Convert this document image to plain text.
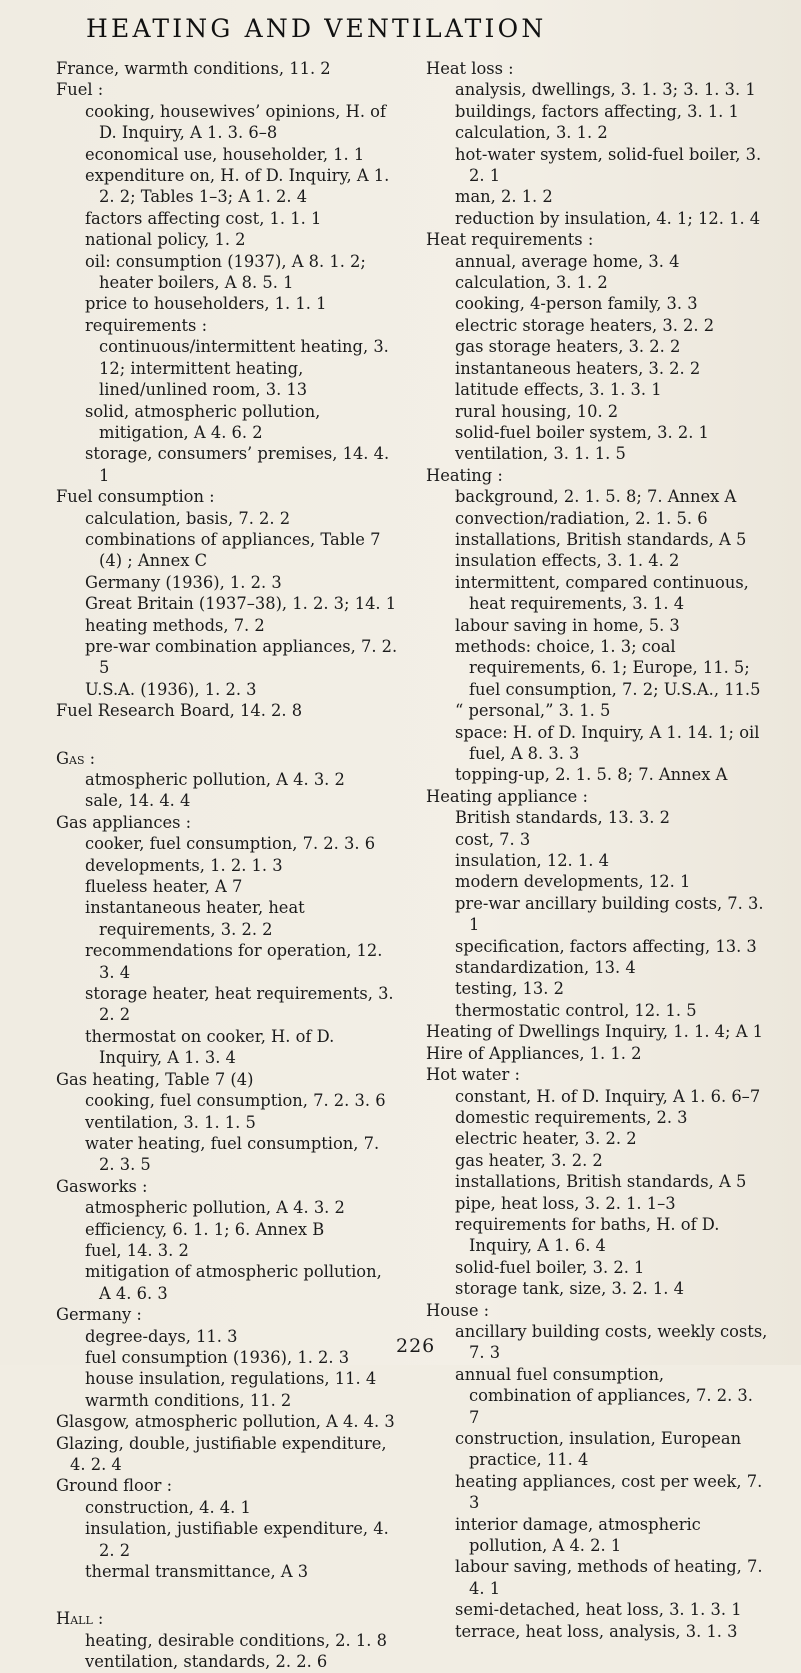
HEATING AND VENTILATION
France, warmth conditions, 11. 2
Fuel :
cooking, housewives’ opinions, H. of D. Inquiry, A 1. 3. 6–8
economical use, householder, 1. 1
expenditure on, H. of D. Inquiry, A 1. 2. 2; Tables 1–3; A 1. 2. 4
factors affecting cost, 1. 1. 1
national policy, 1. 2
oil: consumption (1937), A 8. 1. 2; heater boilers, A 8. 5. 1
price to householders, 1. 1. 1
requirements : continuous/intermittent heating, 3. 12; intermittent heating, lined/unlined room, 3. 13
solid, atmospheric pollution, mitigation, A 4. 6. 2
storage, consumers’ premises, 14. 4. 1
Fuel consumption :
calculation, basis, 7. 2. 2
combinations of appliances, Table 7 (4) ; Annex C
Germany (1936), 1. 2. 3
Great Britain (1937–38), 1. 2. 3; 14. 1
heating methods, 7. 2
pre-war combination appliances, 7. 2. 5
U.S.A. (1936), 1. 2. 3
Fuel Research Board, 14. 2. 8
Gas :
atmospheric pollution, A 4. 3. 2
sale, 14. 4. 4
Gas appliances :
cooker, fuel consumption, 7. 2. 3. 6
developments, 1. 2. 1. 3
flueless heater, A 7
instantaneous heater, heat requirements, 3. 2. 2
recommendations for operation, 12. 3. 4
storage heater, heat requirements, 3. 2. 2
thermostat on cooker, H. of D. Inquiry, A 1. 3. 4
Gas heating, Table 7 (4)
cooking, fuel consumption, 7. 2. 3. 6
ventilation, 3. 1. 1. 5
water heating, fuel consumption, 7. 2. 3. 5
Gasworks :
atmospheric pollution, A 4. 3. 2
efficiency, 6. 1. 1; 6. Annex B
fuel, 14. 3. 2
mitigation of atmospheric pollution, A 4. 6. 3
Germany :
degree-days, 11. 3
fuel consumption (1936), 1. 2. 3
house insulation, regulations, 11. 4
warmth conditions, 11. 2
Glasgow, atmospheric pollution, A 4. 4. 3
Glazing, double, justifiable expenditure, 4. 2. 4
Ground floor :
construction, 4. 4. 1
insulation, justifiable expenditure, 4. 2. 2
thermal transmittance, A 3
Hall :
heating, desirable conditions, 2. 1. 8
ventilation, standards, 2. 2. 6
Heat loss :
analysis, dwellings, 3. 1. 3; 3. 1. 3. 1
buildings, factors affecting, 3. 1. 1
calculation, 3. 1. 2
hot-water system, solid-fuel boiler, 3. 2. 1
man, 2. 1. 2
reduction by insulation, 4. 1; 12. 1. 4
Heat requirements :
annual, average home, 3. 4
calculation, 3. 1. 2
cooking, 4-person family, 3. 3
electric storage heaters, 3. 2. 2
gas storage heaters, 3. 2. 2
instantaneous heaters, 3. 2. 2
latitude effects, 3. 1. 3. 1
rural housing, 10. 2
solid-fuel boiler system, 3. 2. 1
ventilation, 3. 1. 1. 5
Heating :
background, 2. 1. 5. 8; 7. Annex A
convection/radiation, 2. 1. 5. 6
installations, British standards, A 5
insulation effects, 3. 1. 4. 2
intermittent, compared continuous, heat requirements, 3. 1. 4
labour saving in home, 5. 3
methods: choice, 1. 3; coal requirements, 6. 1; Europe, 11. 5; fuel consumption, 7. 2; U.S.A., 11.5
“ personal,” 3. 1. 5
space: H. of D. Inquiry, A 1. 14. 1; oil fuel, A 8. 3. 3
topping-up, 2. 1. 5. 8; 7. Annex A
Heating appliance :
British standards, 13. 3. 2
cost, 7. 3
insulation, 12. 1. 4
modern developments, 12. 1
pre-war ancillary building costs, 7. 3. 1
specification, factors affecting, 13. 3
standardization, 13. 4
testing, 13. 2
thermostatic control, 12. 1. 5
Heating of Dwellings Inquiry, 1. 1. 4; A 1
Hire of Appliances, 1. 1. 2
Hot water :
constant, H. of D. Inquiry, A 1. 6. 6–7
domestic requirements, 2. 3
electric heater, 3. 2. 2
gas heater, 3. 2. 2
installations, British standards, A 5
pipe, heat loss, 3. 2. 1. 1–3
requirements for baths, H. of D. Inquiry, A 1. 6. 4
solid-fuel boiler, 3. 2. 1
storage tank, size, 3. 2. 1. 4
House :
ancillary building costs, weekly costs, 7. 3
annual fuel consumption, combination of appliances, 7. 2. 3. 7
construction, insulation, European practice, 11. 4
heating appliances, cost per week, 7. 3
interior damage, atmospheric pollution, A 4. 2. 1
labour saving, methods of heating, 7. 4. 1
semi-detached, heat loss, 3. 1. 3. 1
terrace, heat loss, analysis, 3. 1. 3
226
